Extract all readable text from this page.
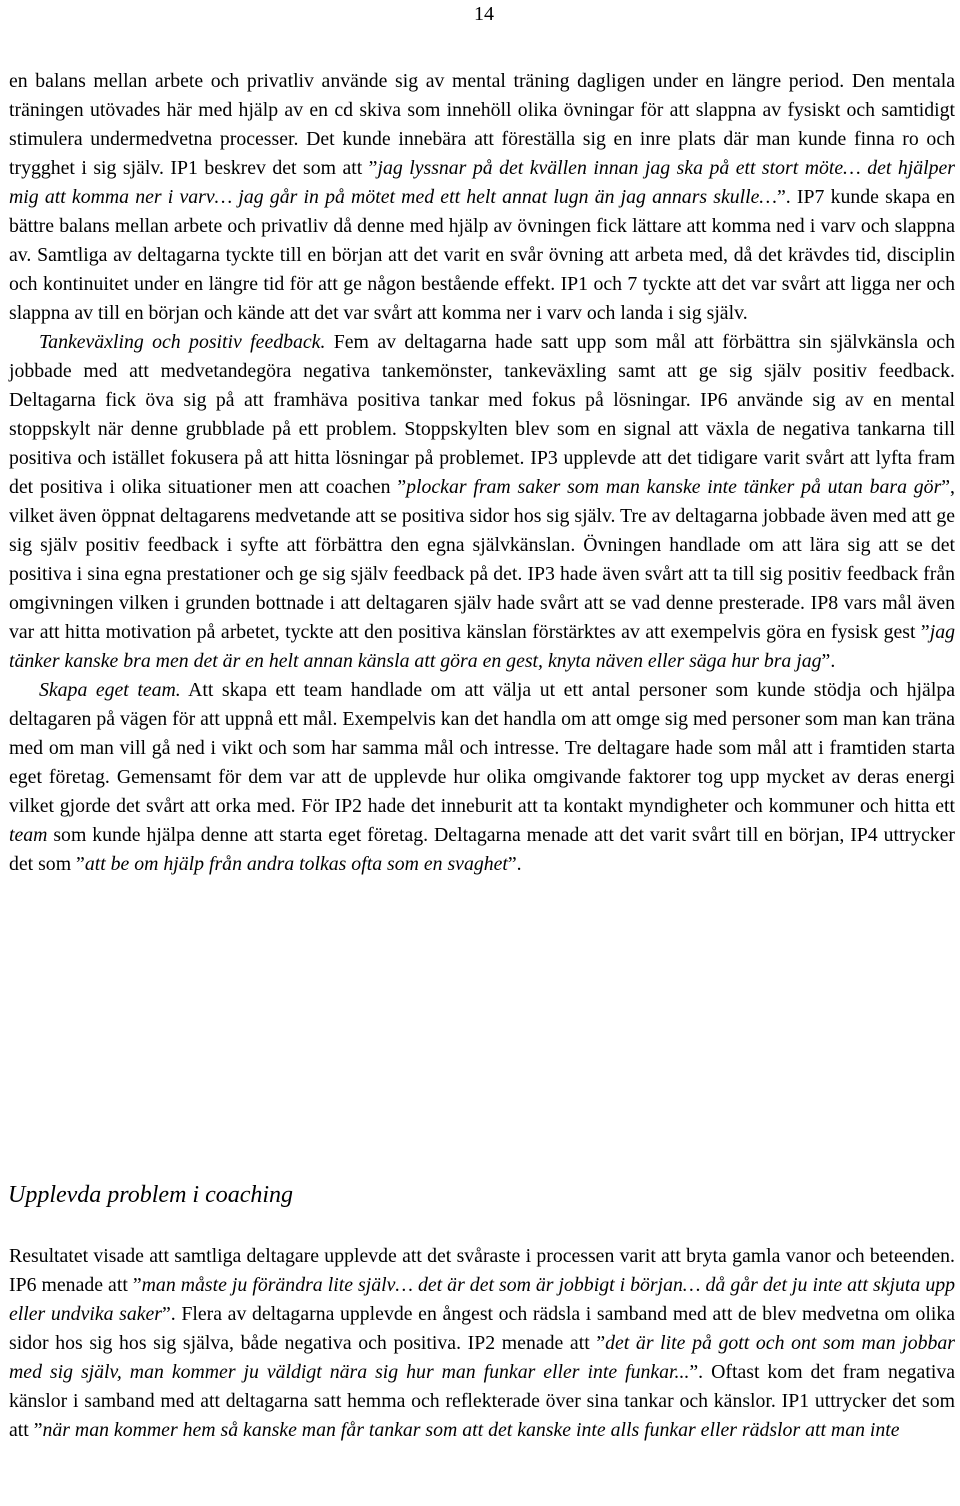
14

en balans mellan arbete och privatliv använde sig av mental träning dagligen under en längre period. Den mentala träningen utövades här med hjälp av en cd skiva som innehöll olika övningar för att slappna av fysiskt och samtidigt stimulera undermedvetna processer. Det kunde innebära att föreställa sig en inre plats där man kunde finna ro och trygghet i sig själv. IP1 beskrev det som att ”jag lyssnar på det kvällen innan jag ska på ett stort möte… det hjälper mig att komma ner i varv… jag går in på mötet med ett helt annat lugn än jag annars skulle…”. IP7 kunde skapa en bättre balans mellan arbete och privatliv då denne med hjälp av övningen fick lättare att komma ned i varv och slappna av. Samtliga av deltagarna tyckte till en början att det varit en svår övning att arbeta med, då det krävdes tid, disciplin och kontinuitet under en längre tid för att ge någon bestående effekt. IP1 och 7 tyckte att det var svårt att ligga ner och slappna av till en början och kände att det var svårt att komma ner i varv och landa i sig själv.
Tankeväxling och positiv feedback. Fem av deltagarna hade satt upp som mål att förbättra sin självkänsla och jobbade med att medvetandegöra negativa tankemönster, tankeväxling samt att ge sig själv positiv feedback. Deltagarna fick öva sig på att framhäva positiva tankar med fokus på lösningar. IP6 använde sig av en mental stoppskylt när denne grubblade på ett problem. Stoppskylten blev som en signal att växla de negativa tankarna till positiva och istället fokusera på att hitta lösningar på problemet. IP3 upplevde att det tidigare varit svårt att lyfta fram det positiva i olika situationer men att coachen ”plockar fram saker som man kanske inte tänker på utan bara gör”, vilket även öppnat deltagarens medvetande att se positiva sidor hos sig själv. Tre av deltagarna jobbade även med att ge sig själv positiv feedback i syfte att förbättra den egna självkänslan. Övningen handlade om att lära sig att se det positiva i sina egna prestationer och ge sig själv feedback på det. IP3 hade även svårt att ta till sig positiv feedback från omgivningen vilken i grunden bottnade i att deltagaren själv hade svårt att se vad denne presterade. IP8 vars mål även var att hitta motivation på arbetet, tyckte att den positiva känslan förstärktes av att exempelvis göra en fysisk gest ”jag tänker kanske bra men det är en helt annan känsla att göra en gest, knyta näven eller säga hur bra jag”.
Skapa eget team. Att skapa ett team handlade om att välja ut ett antal personer som kunde stödja och hjälpa deltagaren på vägen för att uppnå ett mål. Exempelvis kan det handla om att omge sig med personer som man kan träna med om man vill gå ned i vikt och som har samma mål och intresse. Tre deltagare hade som mål att i framtiden starta eget företag. Gemensamt för dem var att de upplevde hur olika omgivande faktorer tog upp mycket av deras energi vilket gjorde det svårt att orka med. För IP2 hade det inneburit att ta kontakt myndigheter och kommuner och hitta ett team som kunde hjälpa denne att starta eget företag. Deltagarna menade att det varit svårt till en början, IP4 uttrycker det som ”att be om hjälp från andra tolkas ofta som en svaghet”.

Upplevda problem i coaching

Resultatet visade att samtliga deltagare upplevde att det svåraste i processen varit att bryta gamla vanor och beteenden. IP6 menade att ”man måste ju förändra lite själv… det är det som är jobbigt i början… då går det ju inte att skjuta upp eller undvika saker”. Flera av deltagarna upplevde en ångest och rädsla i samband med att de blev medvetna om olika sidor hos sig hos sig själva, både negativa och positiva. IP2 menade att ”det är lite på gott och ont som man jobbar med sig själv, man kommer ju väldigt nära sig hur man funkar eller inte funkar...”. Oftast kom det fram negativa känslor i samband med att deltagarna satt hemma och reflekterade över sina tankar och känslor. IP1 uttrycker det som att ”när man kommer hem så kanske man får tankar som att det kanske inte alls funkar eller rädslor att man inte
